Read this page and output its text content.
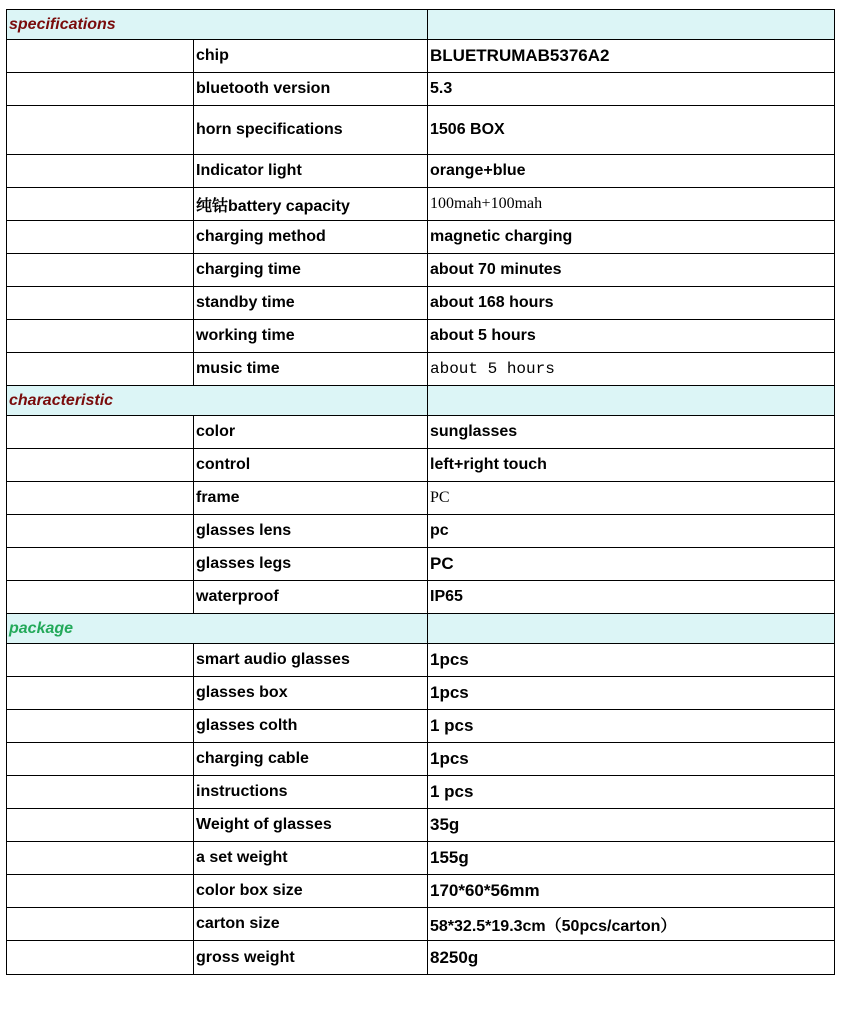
specifications		
	chip	BLUETRUMAB5376A2
	bluetooth version	5.3
	horn specifications	1506 BOX
	Indicator light	orange+blue
	纯钴battery capacity	100mah+100mah
	charging method	magnetic charging
	charging time	about 70 minutes
	standby time	about 168 hours
	working time	about 5 hours
	music time	about 5 hours
characteristic		
	color	sunglasses
	control	left+right touch
	frame	PC
	glasses lens	pc
	glasses legs	PC
	waterproof	IP65
package		
	smart audio glasses	1pcs
	glasses box	1pcs
	glasses colth	1 pcs
	charging cable	1pcs
	instructions	1 pcs
	Weight of glasses	35g
	a set weight	155g
	color box size	170*60*56mm
	carton size	58*32.5*19.3cm（50pcs/carton）
	gross weight	8250g
